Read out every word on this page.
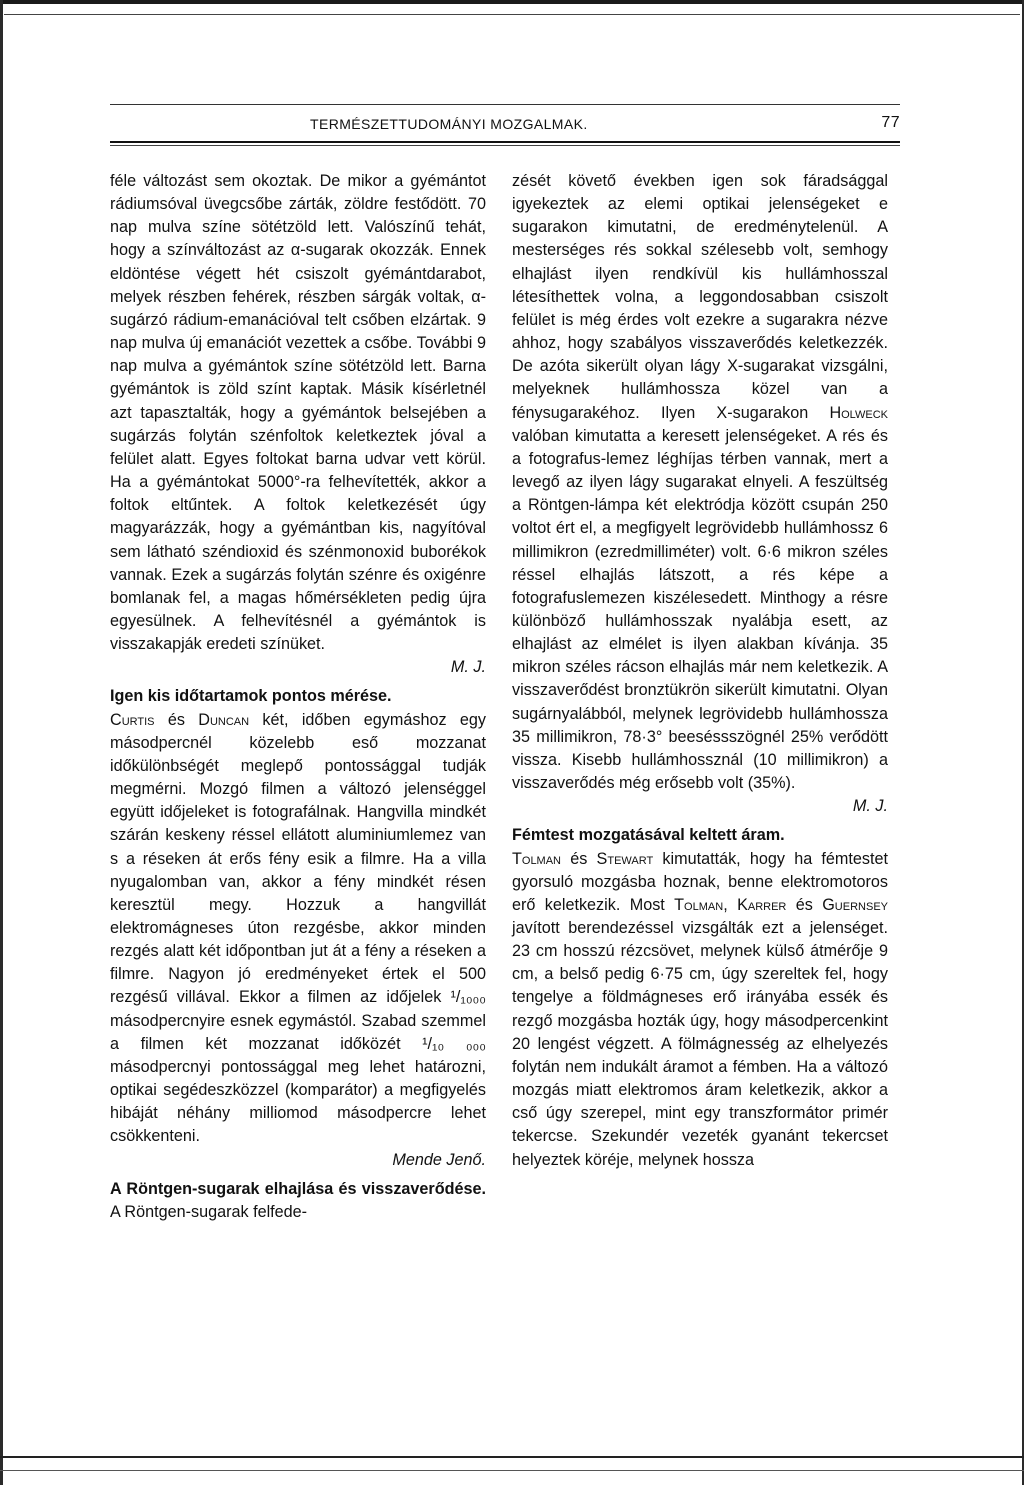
TERMÉSZETTUDOMÁNYI MOZGALMAK.	77

féle változást sem okoztak. De mikor a gyémántot rádiumsóval üvegcsőbe zárták, zöldre festődött. 70 nap mulva színe sötétzöld lett. Valószínű tehát, hogy a színváltozást az α-sugarak okozzák. Ennek eldöntése végett hét csiszolt gyémántdarabot, melyek részben fehérek, részben sárgák voltak, α-sugárzó rádium-emanációval telt csőben elzártak. 9 nap mulva új emanációt vezettek a csőbe. További 9 nap mulva a gyémántok színe sötétzöld lett. Barna gyémántok is zöld színt kaptak. Másik kísérletnél azt tapasztalták, hogy a gyémántok belsejében a sugárzás folytán szénfoltok keletkeztek jóval a felület alatt. Egyes foltokat barna udvar vett körül. Ha a gyémántokat 5000°-ra felhevítették, akkor a foltok eltűntek. A foltok keletkezését úgy magyarázzák, hogy a gyémántban kis, nagyítóval sem látható széndioxid és szénmonoxid buborékok vannak. Ezek a sugárzás folytán szénre és oxigénre bomlanak fel, a magas hőmérsékleten pedig újra egyesülnek. A felhevítésnél a gyémántok is visszakapják eredeti színüket.

M. J.

Igen kis időtartamok pontos mérése.

Curtis és Duncan két, időben egymáshoz egy másodpercnél közelebb eső mozzanat időkülönbségét meglepő pontossággal tudják megmérni. Mozgó filmen a változó jelenséggel együtt időjeleket is fotografálnak. Hangvilla mindkét szárán keskeny réssel ellátott aluminiumlemez van s a réseken át erős fény esik a filmre. Ha a villa nyugalomban van, akkor a fény mindkét résen keresztül megy. Hozzuk a hangvillát elektromágneses úton rezgésbe, akkor minden rezgés alatt két időpontban jut át a fény a réseken a filmre. Nagyon jó eredményeket értek el 500 rezgésű villával. Ekkor a filmen az időjelek ¹/₁₀₀₀ másodpercnyire esnek egymástól. Szabad szemmel a filmen két mozzanat időközét ¹/₁₀ ₀₀₀ másodpercnyi pontossággal meg lehet határozni, optikai segédeszközzel (komparátor) a megfigyelés hibáját néhány milliomod másodpercre lehet csökkenteni.

Mende Jenő.

A Röntgen-sugarak elhajlása és visszaverődése. A Röntgen-sugarak felfede-

zését követő években igen sok fáradsággal igyekeztek az elemi optikai jelenségeket e sugarakon kimutatni, de eredménytelenül. A mesterséges rés sokkal szélesebb volt, semhogy elhajlást ilyen rendkívül kis hullámhosszal létesíthettek volna, a leggondosabban csiszolt felület is még érdes volt ezekre a sugarakra nézve ahhoz, hogy szabályos visszaverődés keletkezzék. De azóta sikerült olyan lágy X-sugarakat vizsgálni, melyeknek hullámhossza közel van a fénysugarakéhoz. Ilyen X-sugarakon Holweck valóban kimutatta a keresett jelenségeket. A rés és a fotografus-lemez léghíjas térben vannak, mert a levegő az ilyen lágy sugarakat elnyeli. A feszültség a Röntgen-lámpa két elektródja között csupán 250 voltot ért el, a megfigyelt legrövidebb hullámhossz 6 millimikron (ezredmilliméter) volt. 6·6 mikron széles réssel elhajlás látszott, a rés képe a fotografuslemezen kiszélesedett. Minthogy a résre különböző hullámhosszak nyalábja esett, az elhajlást az elmélet is ilyen alakban kívánja. 35 mikron széles rácson elhajlás már nem keletkezik. A visszaverődést bronztükrön sikerült kimutatni. Olyan sugárnyalábból, melynek legrövidebb hullámhossza 35 millimikron, 78·3° beeséssszögnél 25% verődött vissza. Kisebb hullámhossznál (10 millimikron) a visszaverődés még erősebb volt (35%).

M. J.

Fémtest mozgatásával keltett áram.

Tolman és Stewart kimutatták, hogy ha fémtestet gyorsuló mozgásba hoznak, benne elektromotoros erő keletkezik. Most Tolman, Karrer és Guernsey javított berendezéssel vizsgálták ezt a jelenséget. 23 cm hosszú rézcsövet, melynek külső átmérője 9 cm, a belső pedig 6·75 cm, úgy szereltek fel, hogy tengelye a földmágneses erő irányába essék és rezgő mozgásba hozták úgy, hogy másodpercenkint 20 lengést végzett. A fölmágnesség az elhelyezés folytán nem indukált áramot a fémben. Ha a változó mozgás miatt elektromos áram keletkezik, akkor a cső úgy szerepel, mint egy transzformátor primér tekercse. Szekundér vezeték gyanánt tekercset helyeztek köréje, melynek hossza
